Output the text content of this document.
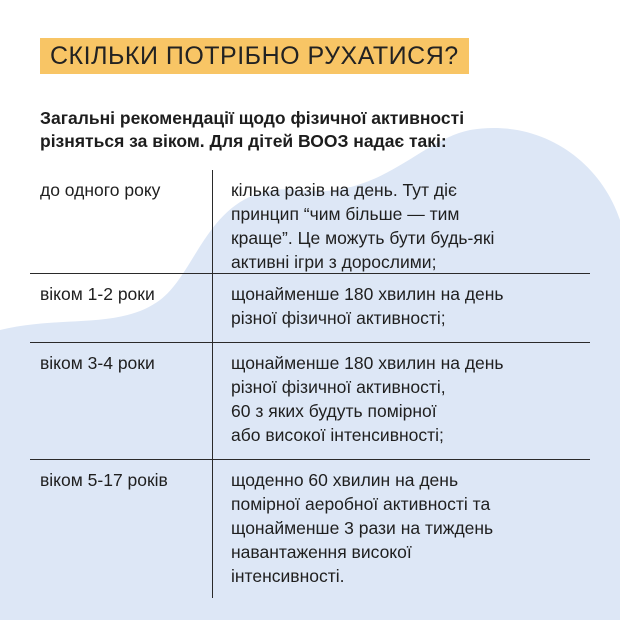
СКІЛЬКИ ПОТРІБНО РУХАТИСЯ?
Загальні рекомендації щодо фізичної активності
різняться за віком. Для дітей ВООЗ надає такі:
до одного року	кілька разів на день. Тут діє
принцип “чим більше — тим
краще”. Це можуть бути будь-які
активні ігри з дорослими;
віком 1-2 роки	щонайменше 180 хвилин на день
різної фізичної активності;
віком 3-4 роки	щонайменше 180 хвилин на день
різної фізичної активності,
60 з яких будуть помірної
або високої інтенсивності;
віком 5-17 років	щоденно 60 хвилин на день
помірної аеробної активності та
щонайменше 3 рази на тиждень
навантаження високої
інтенсивності.
